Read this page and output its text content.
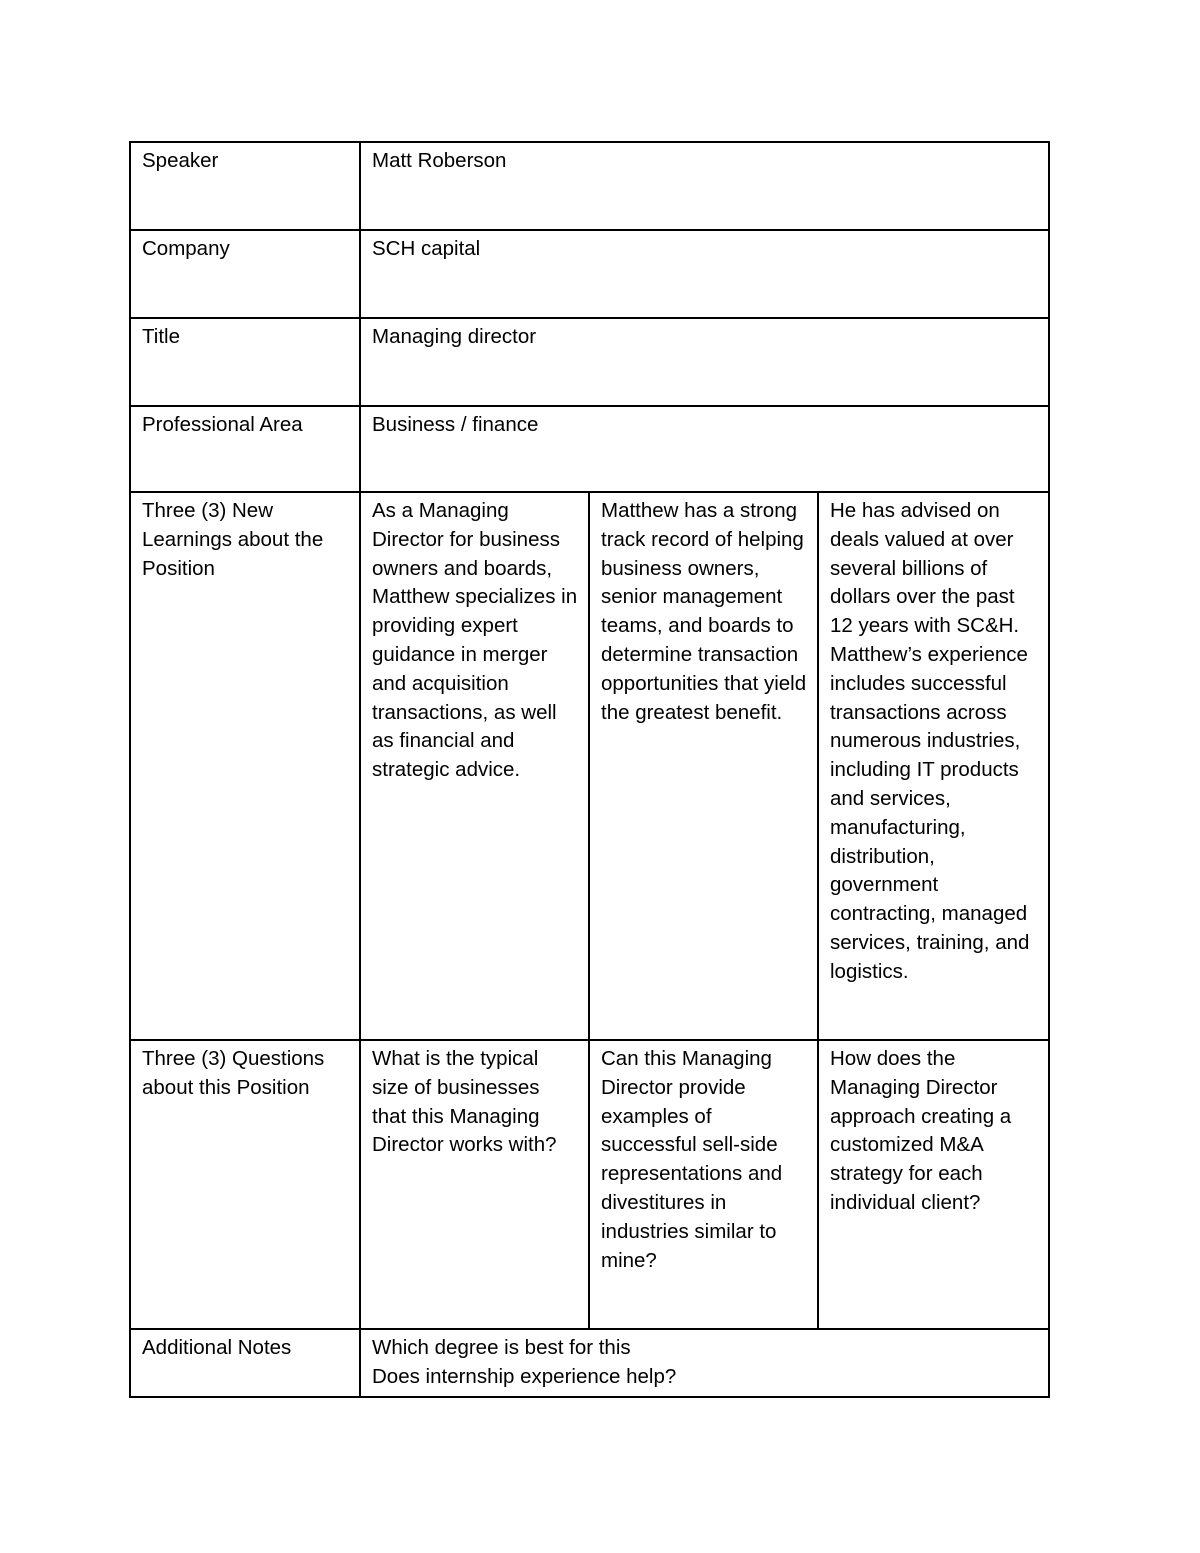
Speaker	Matt Roberson		
Company	SCH capital		
Title	Managing director		
Professional Area	Business / finance		
Three (3) New Learnings about the Position	As a Managing Director for business owners and boards, Matthew specializes in providing expert guidance in merger and acquisition transactions, as well as financial and strategic advice.	Matthew has a strong track record of helping business owners, senior management teams, and boards to determine transaction opportunities that yield the greatest benefit.	He has advised on deals valued at over several billions of dollars over the past 12 years with SC&H. Matthew’s experience includes successful transactions across numerous industries, including IT products and services, manufacturing, distribution, government contracting, managed services, training, and logistics.
Three (3) Questions about this Position	What is the typical size of businesses that this Managing Director works with?	Can this Managing Director provide examples of successful sell-side representations and divestitures in industries similar to mine?	How does the Managing Director approach creating a customized M&A strategy for each individual client?
Additional Notes	Which degree is best for this
Does internship experience help?		
